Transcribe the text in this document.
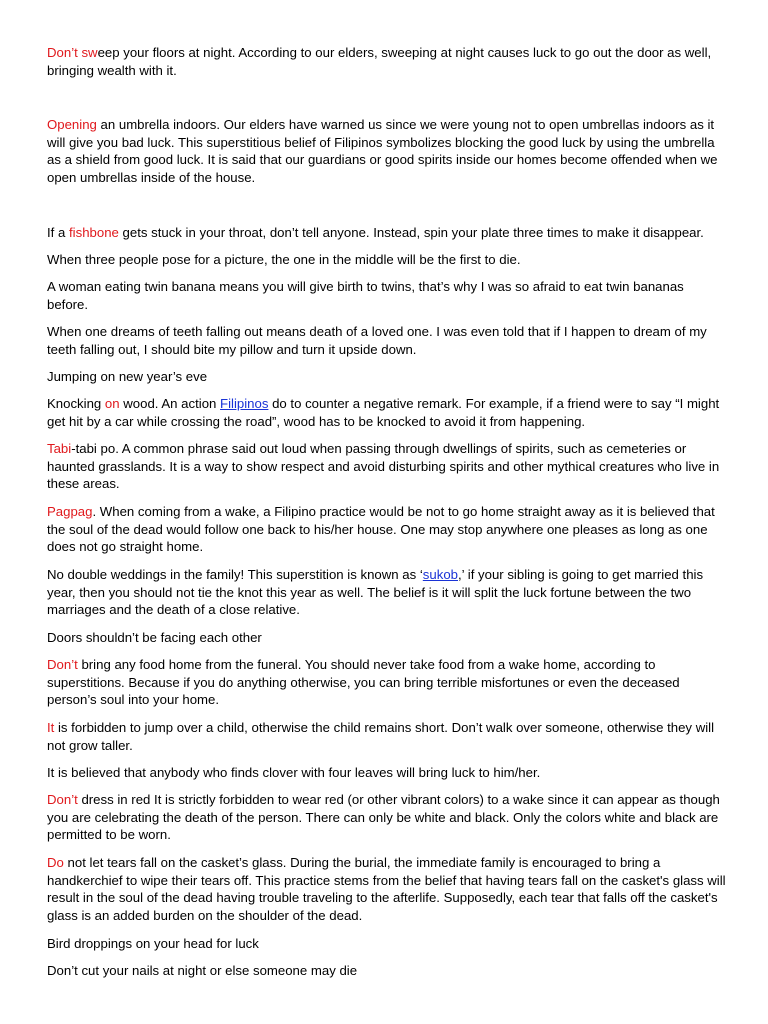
Don’t sweep your floors at night. According to our elders, sweeping at night causes luck to go out the door as well, bringing wealth with it.

Opening an umbrella indoors. Our elders have warned us since we were young not to open umbrellas indoors as it will give you bad luck. This superstitious belief of Filipinos symbolizes blocking the good luck by using the umbrella as a shield from good luck. It is said that our guardians or good spirits inside our homes become offended when we open umbrellas inside of the house.

If a fishbone gets stuck in your throat, don’t tell anyone. Instead, spin your plate three times to make it disappear.

When three people pose for a picture, the one in the middle will be the first to die.

A woman eating twin banana means you will give birth to twins, that’s why I was so afraid to eat twin bananas before.

When one dreams of teeth falling out means death of a loved one. I was even told that if I happen to dream of my teeth falling out, I should bite my pillow and turn it upside down.

Jumping on new year’s eve

Knocking on wood. An action Filipinos do to counter a negative remark. For example, if a friend were to say “I might get hit by a car while crossing the road”, wood has to be knocked to avoid it from happening.

Tabi-tabi po. A common phrase said out loud when passing through dwellings of spirits, such as cemeteries or haunted grasslands. It is a way to show respect and avoid disturbing spirits and other mythical creatures who live in these areas.

Pagpag. When coming from a wake, a Filipino practice would be not to go home straight away as it is believed that the soul of the dead would follow one back to his/her house. One may stop anywhere one pleases as long as one does not go straight home.

No double weddings in the family! This superstition is known as ‘sukob,’ if your sibling is going to get married this year, then you should not tie the knot this year as well. The belief is it will split the luck fortune between the two marriages and the death of a close relative.

Doors shouldn’t be facing each other

Don’t bring any food home from the funeral. You should never take food from a wake home, according to superstitions. Because if you do anything otherwise, you can bring terrible misfortunes or even the deceased person’s soul into your home.

It is forbidden to jump over a child, otherwise the child remains short. Don’t walk over someone, otherwise they will not grow taller.

It is believed that anybody who finds clover with four leaves will bring luck to him/her.

Don’t dress in red It is strictly forbidden to wear red (or other vibrant colors) to a wake since it can appear as though you are celebrating the death of the person. There can only be white and black. Only the colors white and black are permitted to be worn.

Do not let tears fall on the casket’s glass. During the burial, the immediate family is encouraged to bring a handkerchief to wipe their tears off. This practice stems from the belief that having tears fall on the casket's glass will result in the soul of the dead having trouble traveling to the afterlife. Supposedly, each tear that falls off the casket's glass is an added burden on the shoulder of the dead.

Bird droppings on your head for luck

Don’t cut your nails at night or else someone may die
